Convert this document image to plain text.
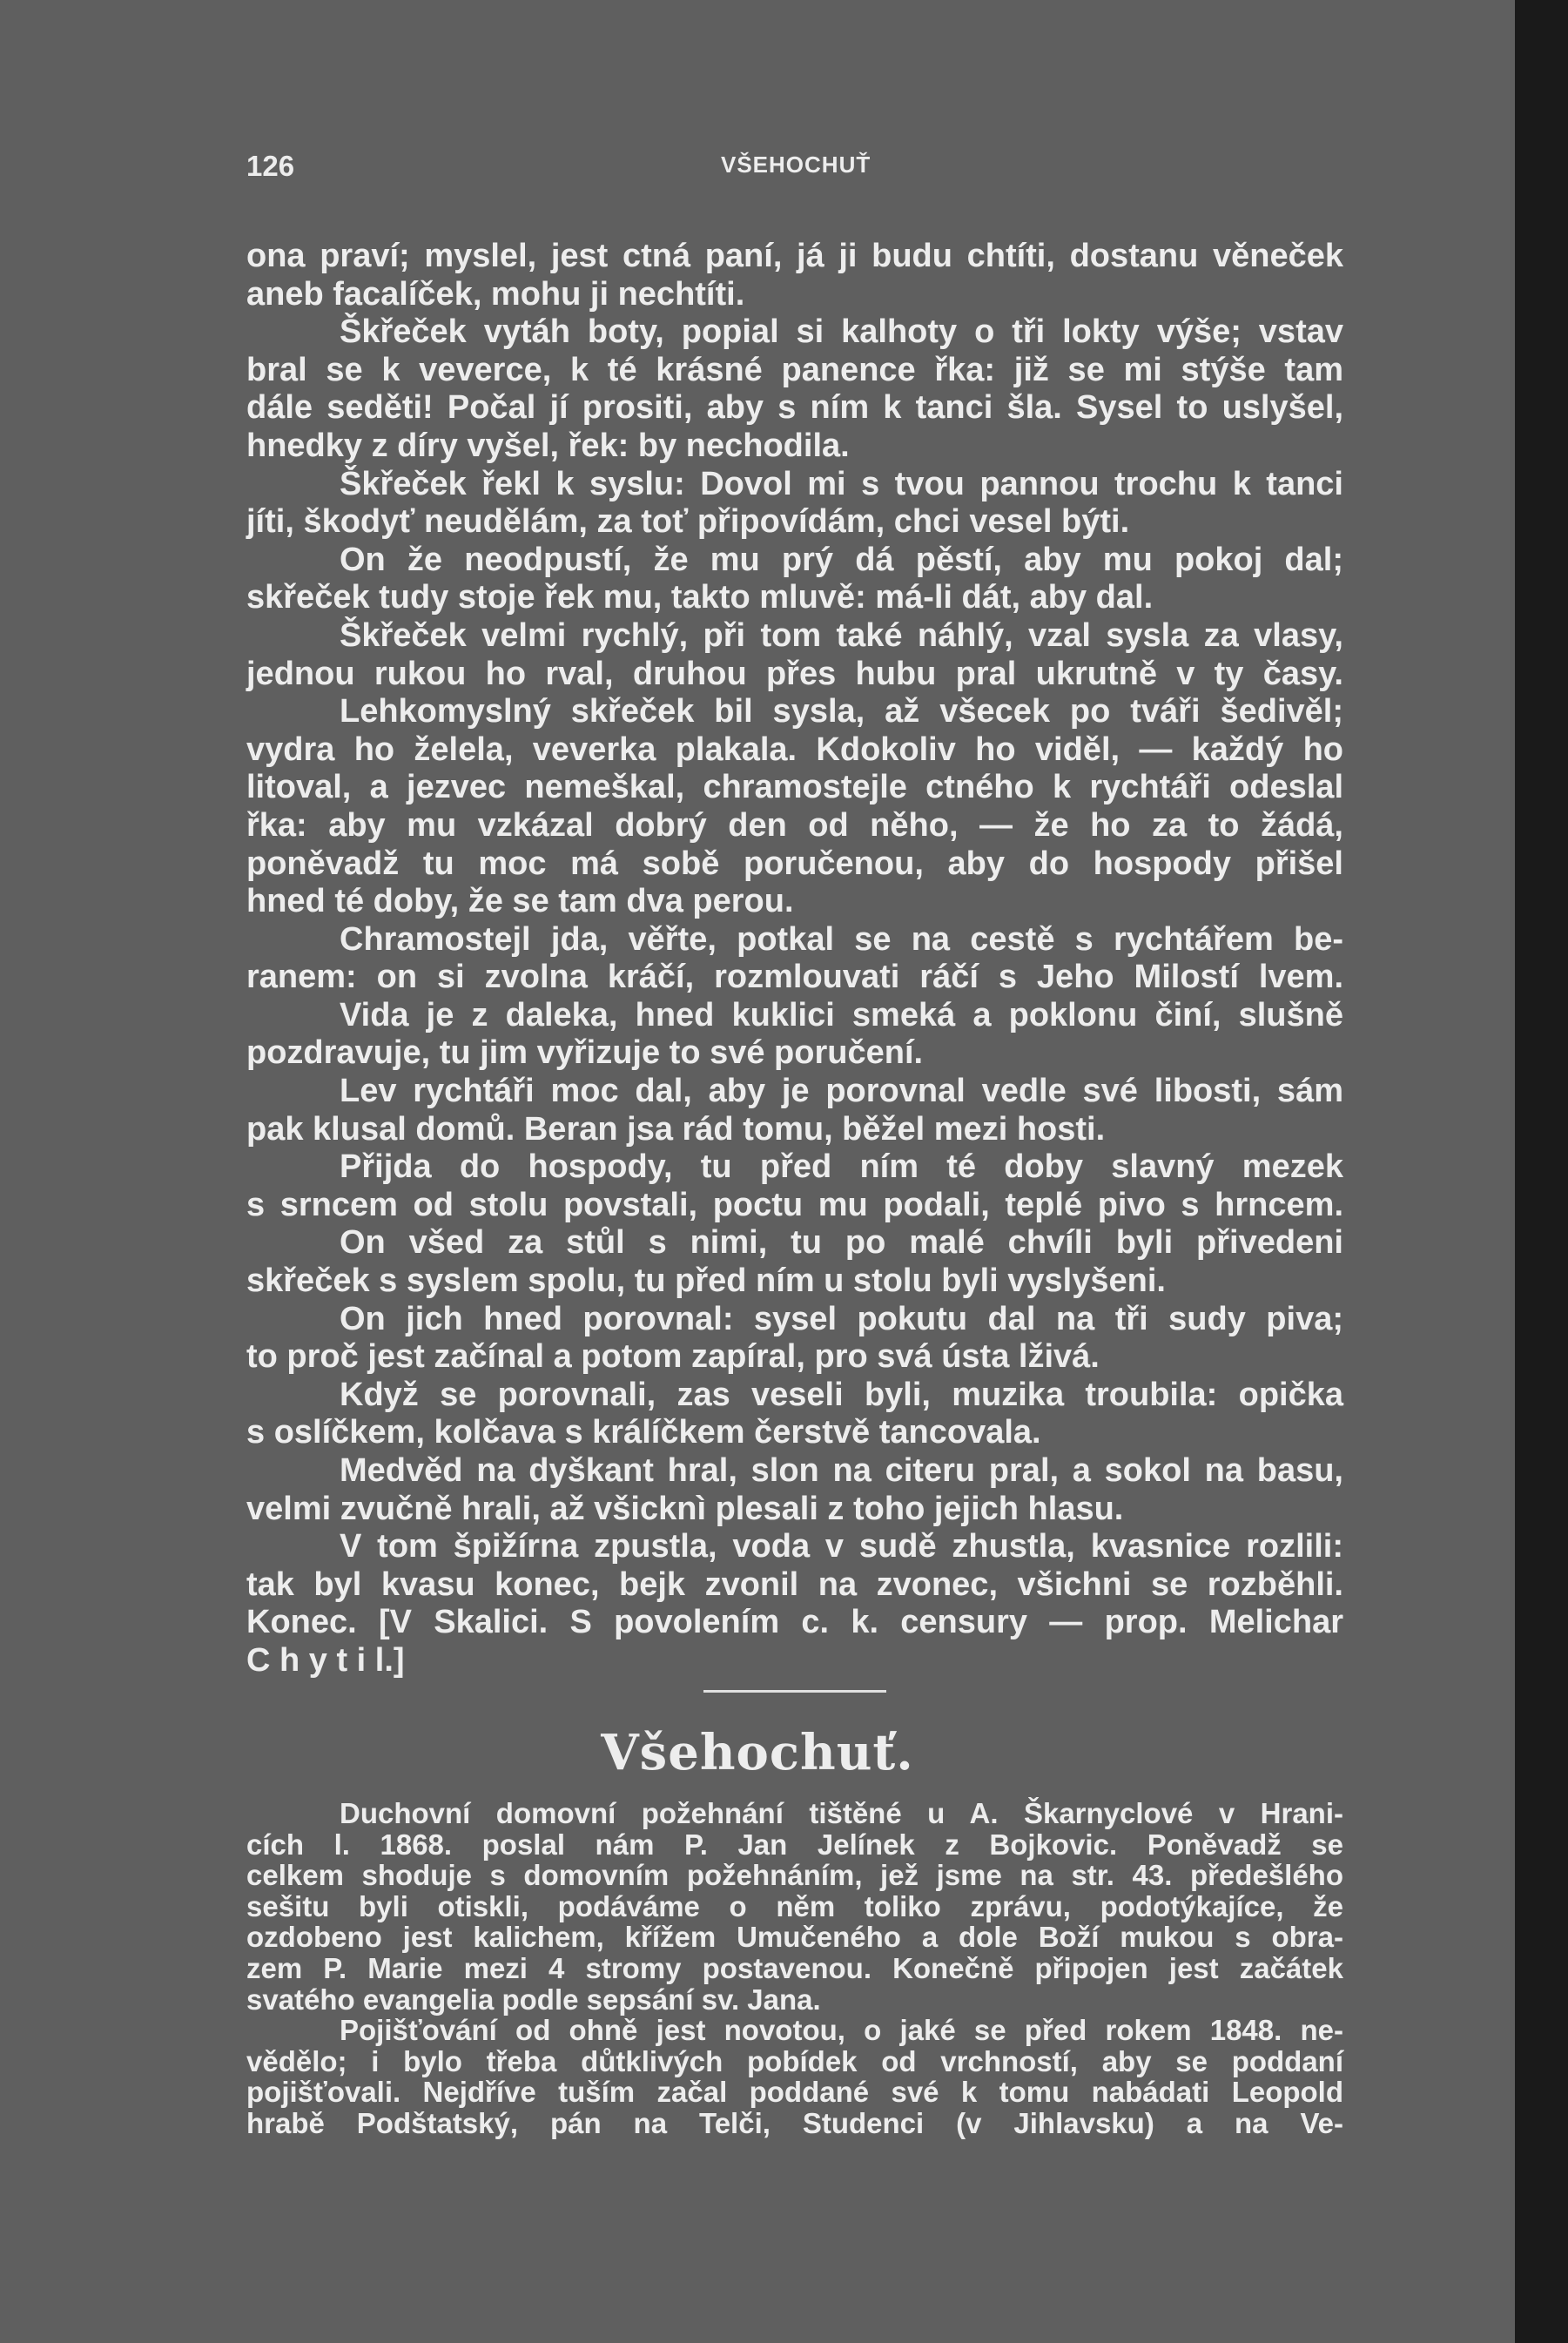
126	VŠEHOCHUŤ
ona praví; myslel, jest ctná paní, já ji budu chtíti, dostanu věneček
aneb facalíček, mohu ji nechtíti.
Škřeček vytáh boty, popial si kalhoty o tři lokty výše; vstav
bral se k veverce, k té krásné panence řka: již se mi stýše tam
dále seděti! Počal jí prositi, aby s ním k tanci šla. Sysel to uslyšel,
hnedky z díry vyšel, řek: by nechodila.
Škřeček řekl k syslu: Dovol mi s tvou pannou trochu k tanci
jíti, škodyť neudělám, za toť připovídám, chci vesel býti.
On že neodpustí, že mu prý dá pěstí, aby mu pokoj dal;
skřeček tudy stoje řek mu, takto mluvě: má-li dát, aby dal.
Škřeček velmi rychlý, při tom také náhlý, vzal sysla za vlasy,
jednou rukou ho rval, druhou přes hubu pral ukrutně v ty časy.
Lehkomyslný skřeček bil sysla, až všecek po tváři šedivěl;
vydra ho želela, veverka plakala. Kdokoliv ho viděl, — každý ho
litoval, a jezvec nemeškal, chramostejle ctného k rychtáři odeslal
řka: aby mu vzkázal dobrý den od něho, — že ho za to žádá,
poněvadž tu moc má sobě poručenou, aby do hospody přišel
hned té doby, že se tam dva perou.
Chramostejl jda, věřte, potkal se na cestě s rychtářem be-
ranem: on si zvolna kráčí, rozmlouvati ráčí s Jeho Milostí lvem.
Vida je z daleka, hned kuklici smeká a poklonu činí, slušně
pozdravuje, tu jim vyřizuje to své poručení.
Lev rychtáři moc dal, aby je porovnal vedle své libosti, sám
pak klusal domů. Beran jsa rád tomu, běžel mezi hosti.
Přijda do hospody, tu před ním té doby slavný mezek
s srncem od stolu povstali, poctu mu podali, teplé pivo s hrncem.
On všed za stůl s nimi, tu po malé chvíli byli přivedeni
skřeček s syslem spolu, tu před ním u stolu byli vyslyšeni.
On jich hned porovnal: sysel pokutu dal na tři sudy piva;
to proč jest začínal a potom zapíral, pro svá ústa lživá.
Když se porovnali, zas veseli byli, muzika troubila: opička
s oslíčkem, kolčava s králíčkem čerstvě tancovala.
Medvěd na dyškant hral, slon na citeru pral, a sokol na basu,
velmi zvučně hrali, až všicknì plesali z toho jejich hlasu.
V tom špižírna zpustla, voda v sudě zhustla, kvasnice rozlili:
tak byl kvasu konec, bejk zvonil na zvonec, všichni se rozběhli.
Konec. [V Skalici. S povolením c. k. censury — prop. Melichar
C h y t i l.]
Všehochuť.
Duchovní domovní požehnání tištěné u A. Škarnyclové v Hrani-
cích l. 1868. poslal nám P. Jan Jelínek z Bojkovic. Poněvadž se
celkem shoduje s domovním požehnáním, jež jsme na str. 43. předešlého
sešitu byli otiskli, podáváme o něm toliko zprávu, podotýkajíce, že
ozdobeno jest kalichem, křížem Umučeného a dole Boží mukou s obra-
zem P. Marie mezi 4 stromy postavenou. Konečně připojen jest začátek
svatého evangelia podle sepsání sv. Jana.
Pojišťování od ohně jest novotou, o jaké se před rokem 1848. ne-
vědělo; i bylo třeba důtklivých pobídek od vrchností, aby se poddaní
pojišťovali. Nejdříve tuším začal poddané své k tomu nabádati Leopold
hrabě Podštatský, pán na Telči, Studenci (v Jihlavsku) a na Ve-
